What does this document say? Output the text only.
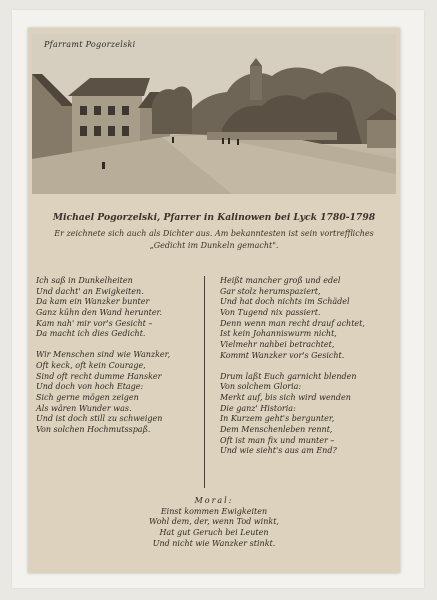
Pfarramt Pogorzelski
Michael Pogorzelski, Pfarrer in Kalinowen bei Lyck 1780-1798
Er zeichnete sich auch als Dichter aus. Am bekanntesten ist sein vortreffliches „Gedicht im Dunkeln gemacht".
Ich saß in Dunkelheiten
Und dacht' an Ewigkeiten.
Da kam ein Wanzker bunter
Ganz kühn den Wand herunter.
Kam nah' mir vor's Gesicht –
Da macht ich dies Gedicht.
Wir Menschen sind wie Wanzker,
Oft keck, oft kein Courage,
Sind oft recht dumme Hansker
Und doch von hoch Etage:
Sich gerne mögen zeigen
Als wären Wunder was.
Und ist doch still zu schweigen
Von solchen Hochmutsspaß.
Heißt mancher groß und edel
Gar stolz herumspaziert,
Und hat doch nichts im Schädel
Von Tugend nix passiert.
Denn wenn man recht drauf achtet,
Ist kein Johanniswurm nicht,
Vielmehr nahbei betrachtet,
Kommt Wanzker vor's Gesicht.
Drum laßt Euch garnicht blenden
Von solchem Gloria:
Merkt auf, bis sich wird wenden
Die ganz' Historia:
In Kurzem geht's bergunter,
Dem Menschenleben rennt,
Oft ist man fix und munter –
Und wie sieht's aus am End?
Moral:
Einst kommen Ewigkeiten
Wohl dem, der, wenn Tod winkt,
Hat gut Geruch bei Leuten
Und nicht wie Wanzker stinkt.
